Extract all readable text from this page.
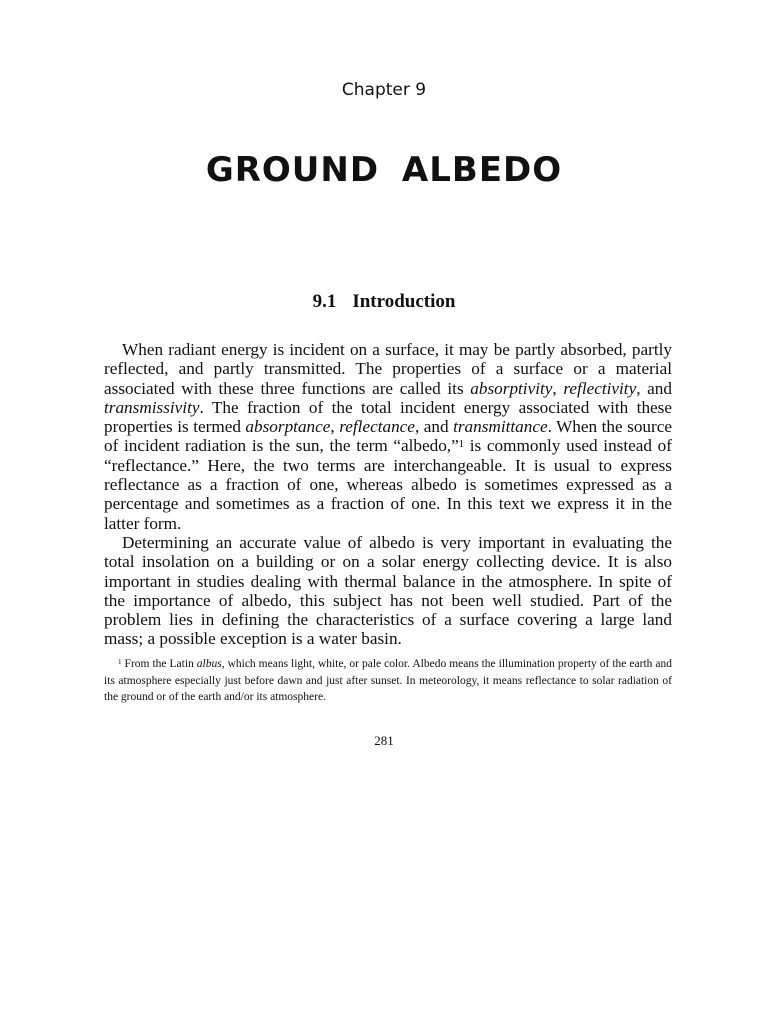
Chapter 9
GROUND ALBEDO
9.1 Introduction

When radiant energy is incident on a surface, it may be partly absorbed, partly reflected, and partly transmitted. The properties of a surface or a material associated with these three functions are called its absorptivity, reflectivity, and transmissivity. The fraction of the total incident energy associated with these properties is termed absorptance, reflectance, and transmittance. When the source of incident radiation is the sun, the term “albedo,”$^1$ is commonly used instead of “reflectance.” Here, the two terms are interchangeable. It is usual to express reflectance as a fraction of one, whereas albedo is sometimes expressed as a percentage and sometimes as a fraction of one. In this text we express it in the latter form.

Determining an accurate value of albedo is very important in evaluating the total insolation on a building or on a solar energy collecting device. It is also important in studies dealing with thermal balance in the atmosphere. In spite of the importance of albedo, this subject has not been well studied. Part of the problem lies in defining the characteristics of a surface covering a large land mass; a possible exception is a water basin.

$^1$ From the Latin albus, which means light, white, or pale color. Albedo means the illumination property of the earth and its atmosphere especially just before dawn and just after sunset. In meteorology, it means reflectance to solar radiation of the ground or of the earth and/or its atmosphere.

281
